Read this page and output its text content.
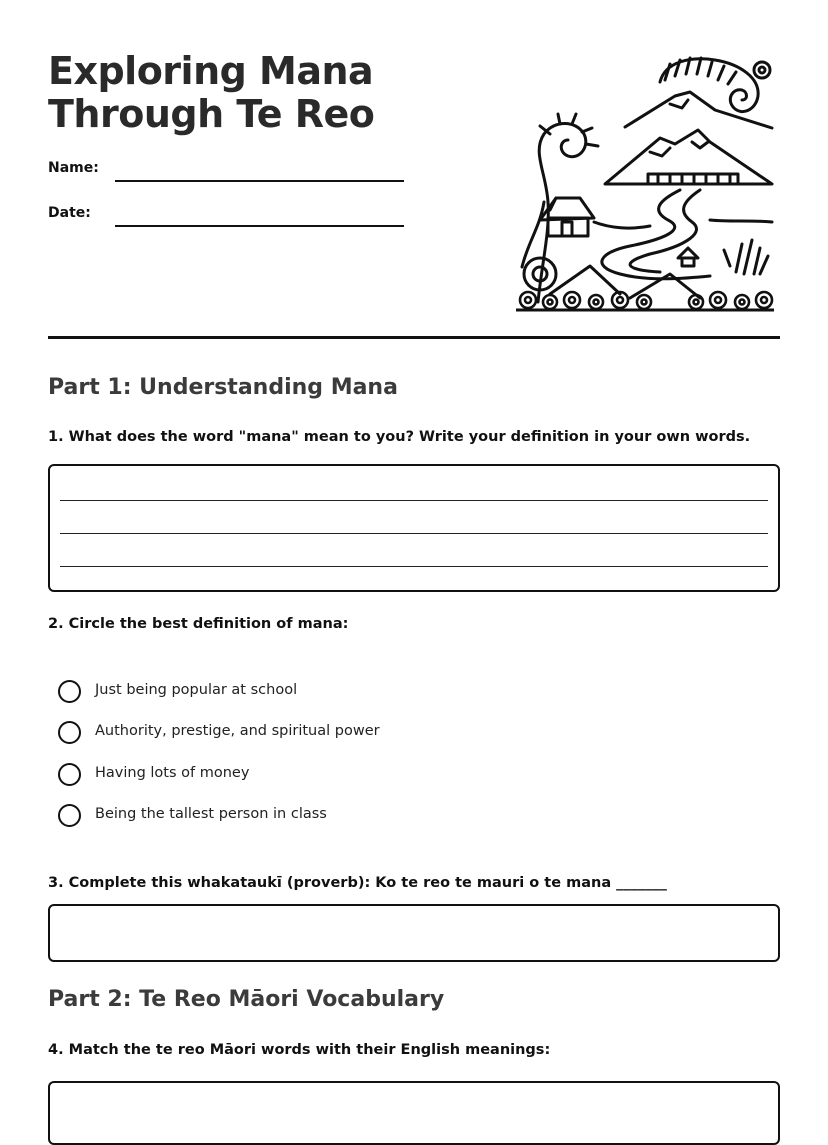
Exploring Mana
Through Te Reo
Name:
Date:
Part 1: Understanding Mana

1. What does the word "mana" mean to you? Write your definition in your own words.

2. Circle the best definition of mana:

Just being popular at school
Authority, prestige, and spiritual power
Having lots of money
Being the tallest person in class

3. Complete this whakataukī (proverb): Ko te reo te mauri o te mana _______

Part 2: Te Reo Māori Vocabulary

4. Match the te reo Māori words with their English meanings:
